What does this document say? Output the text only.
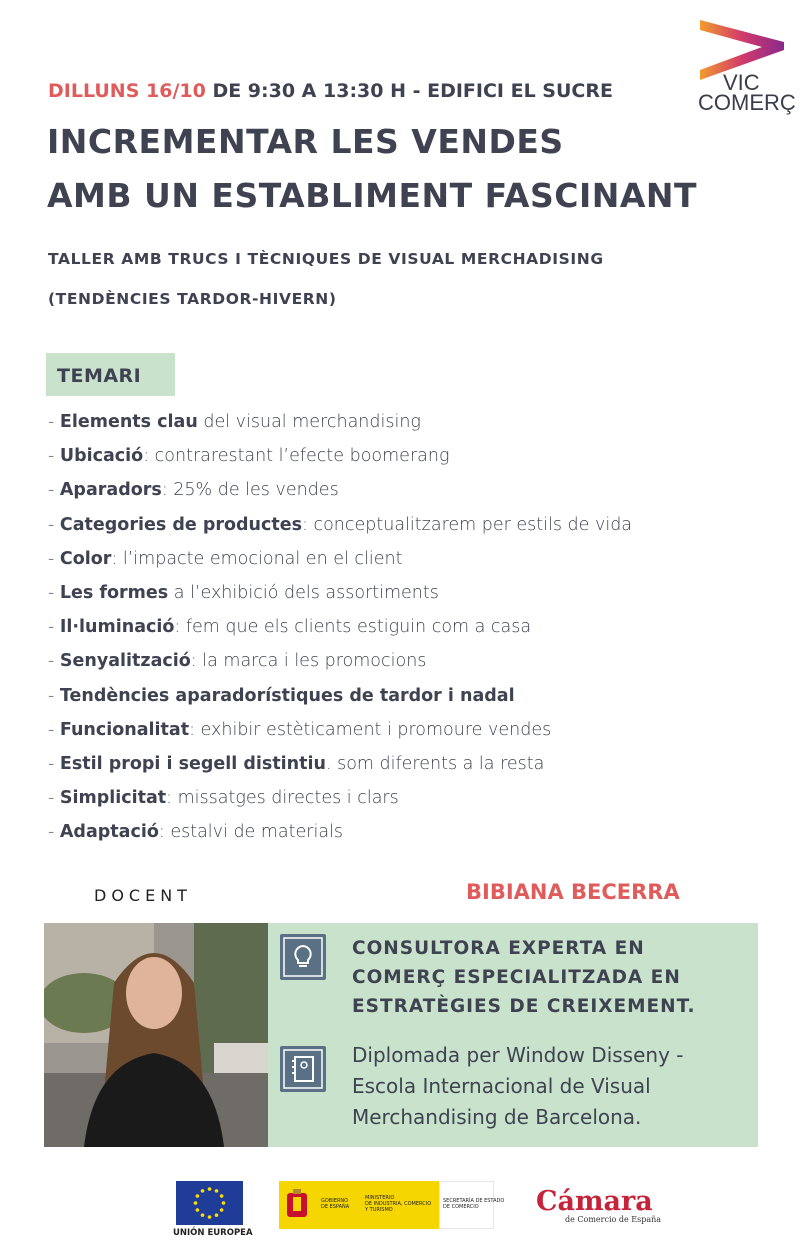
VIC
COMERÇ
DILLUNS 16/10 DE 9:30 A 13:30 H - EDIFICI EL SUCRE
INCREMENTAR LES VENDES
AMB UN ESTABLIMENT FASCINANT
TALLER AMB TRUCS I TÈCNIQUES DE VISUAL MERCHADISING
(TENDÈNCIES TARDOR-HIVERN)
TEMARI
- Elements clau del visual merchandising
- Ubicació: contrarestant l’efecte boomerang
- Aparadors: 25% de les vendes
- Categories de productes: conceptualitzarem per estils de vida
- Color: l’impacte emocional en el client
- Les formes a l’exhibició dels assortiments
- Il·luminació: fem que els clients estiguin com a casa
- Senyalització: la marca i les promocions
- Tendències aparadorístiques de tardor i nadal
- Funcionalitat: exhibir estèticament i promoure vendes
- Estil propi i segell distintiu. som diferents a la resta
- Simplicitat: missatges directes i clars
- Adaptació: estalvi de materials
DOCENT	BIBIANA BECERRA
CONSULTORA EXPERTA EN
COMERÇ ESPECIALITZADA EN
ESTRATÈGIES DE CREIXEMENT.
Diplomada per Window Disseny -
Escola Internacional de Visual
Merchandising de Barcelona.
UNIÓN EUROPEA
GOBIERNO
DE ESPAÑA
MINISTERIO
DE INDUSTRIA, COMERCIO
Y TURISMO
SECRETARÍA DE ESTADO
DE COMERCIO	Cámara
de Comercio de España
